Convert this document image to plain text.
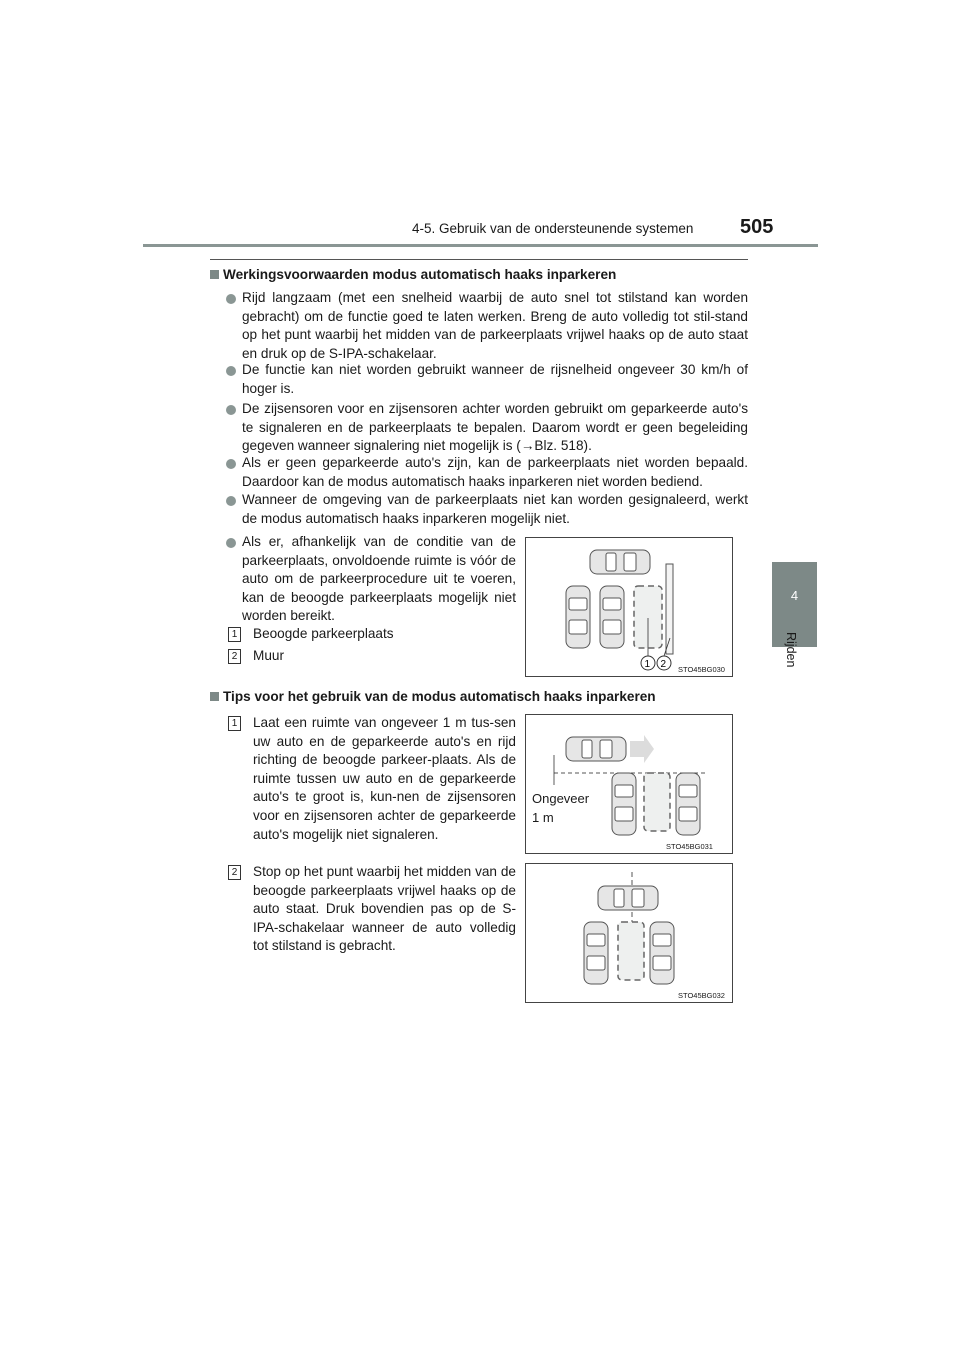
4-5. Gebruik van de ondersteunende systemen 505
4
Rijden
Werkingsvoorwaarden modus automatisch haaks inparkeren
Rijd langzaam (met een snelheid waarbij de auto snel tot stilstand kan worden gebracht) om de functie goed te laten werken. Breng de auto volledig tot stil-stand op het punt waarbij het midden van de parkeerplaats vrijwel haaks op de auto staat en druk op de S-IPA-schakelaar.
De functie kan niet worden gebruikt wanneer de rijsnelheid ongeveer 30 km/h of hoger is.
De zijsensoren voor en zijsensoren achter worden gebruikt om geparkeerde auto's te signaleren en de parkeerplaats te bepalen. Daarom wordt er geen begeleiding gegeven wanneer signalering niet mogelijk is (→Blz. 518).
Als er geen geparkeerde auto's zijn, kan de parkeerplaats niet worden bepaald. Daardoor kan de modus automatisch haaks inparkeren niet worden bediend.
Wanneer de omgeving van de parkeerplaats niet kan worden gesignaleerd, werkt de modus automatisch haaks inparkeren mogelijk niet.
Als er, afhankelijk van de conditie van de parkeerplaats, onvoldoende ruimte is vóór de auto om de parkeerprocedure uit te voeren, kan de beoogde parkeerplaats mogelijk niet worden bereikt.
1 Beoogde parkeerplaats
2 Muur
1 2 STO45BG030
Tips voor het gebruik van de modus automatisch haaks inparkeren
1 Laat een ruimte van ongeveer 1 m tus-sen uw auto en de geparkeerde auto's en rijd richting de beoogde parkeer-plaats. Als de ruimte tussen uw auto en de geparkeerde auto's te groot is, kun-nen de zijsensoren voor en zijsensoren achter de geparkeerde auto's mogelijk niet signaleren.
Ongeveer
1 m
STO45BG031
2 Stop op het punt waarbij het midden van de beoogde parkeerplaats vrijwel haaks op de auto staat. Druk bovendien pas op de S-IPA-schakelaar wanneer de auto volledig tot stilstand is gebracht.
STO45BG032
